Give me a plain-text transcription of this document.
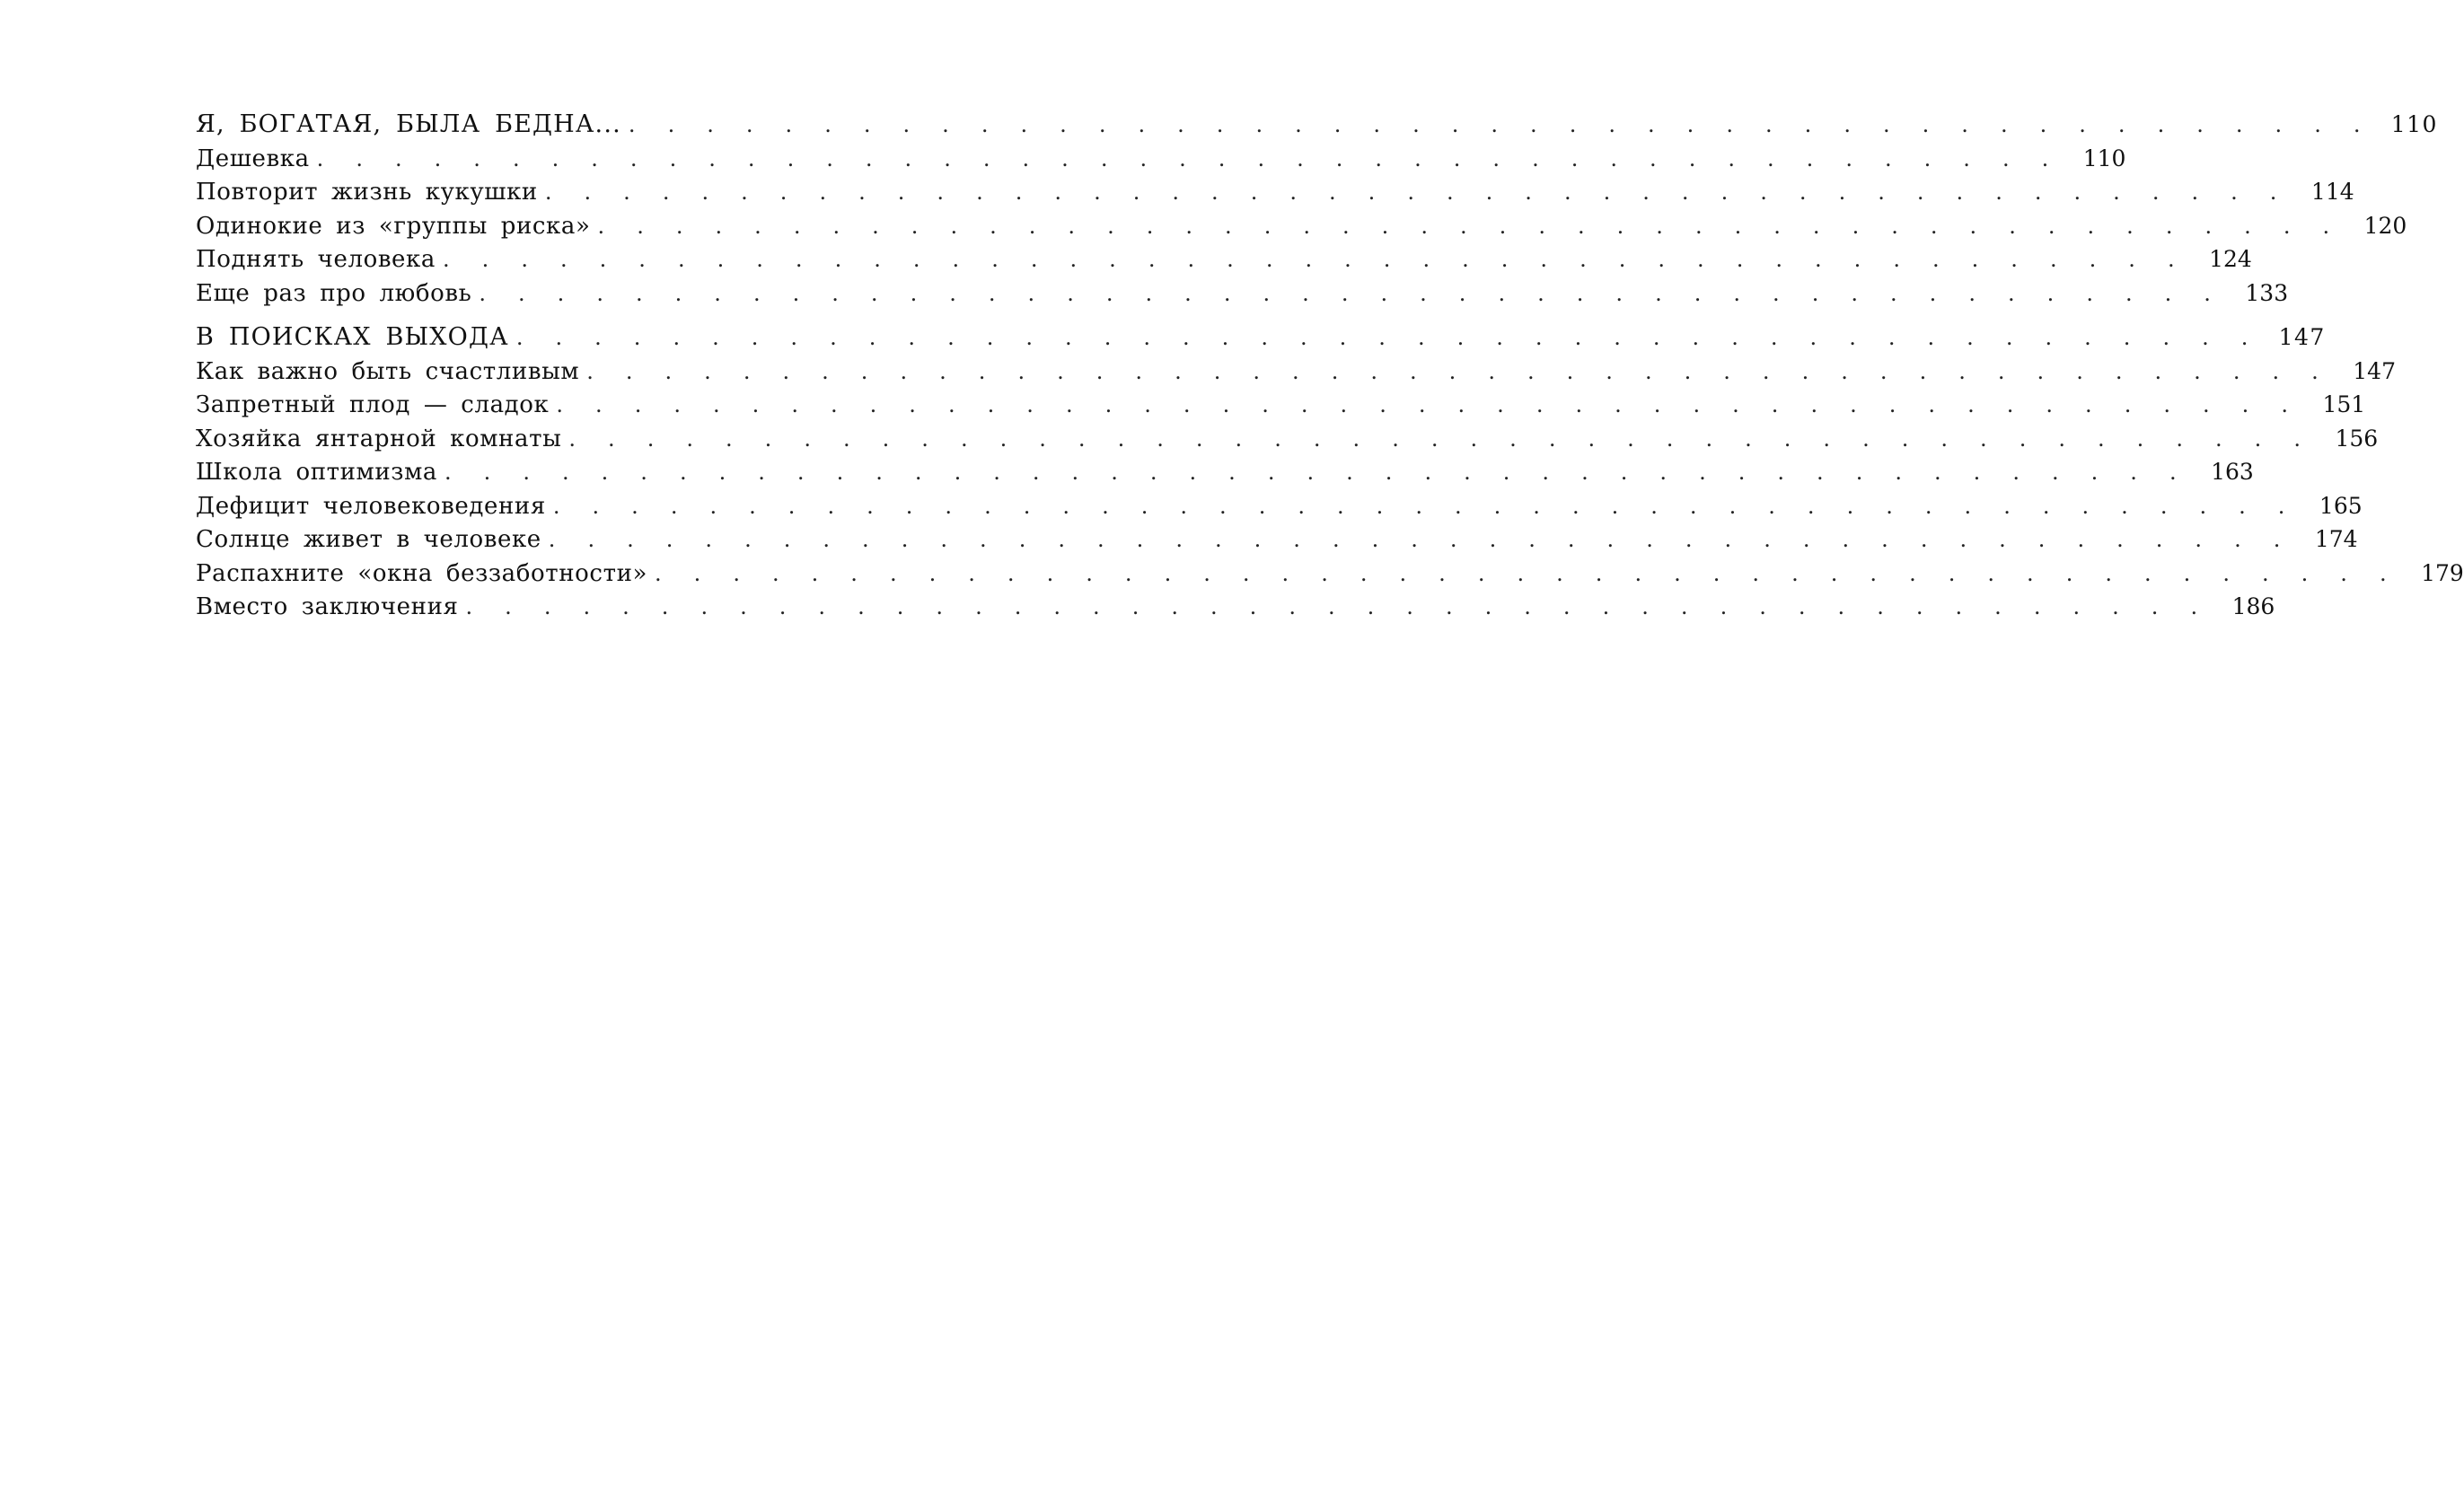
Я, БОГАТАЯ, БЫЛА БЕДНА... . . . . . . . . . . . . . . . . . . . . . . . . . . . . . . . . . . . . . . . . . . . . . 110
Дешевка . . . . . . . . . . . . . . . . . . . . . . . . . . . . . . . . . . . . . . . . . . . . . 110
Повторит жизнь кукушки . . . . . . . . . . . . . . . . . . . . . . . . . . . . . . . . . . . . . . . . . . . . . 114
Одинокие из «группы риска» . . . . . . . . . . . . . . . . . . . . . . . . . . . . . . . . . . . . . . . . . . . . . 120
Поднять человека . . . . . . . . . . . . . . . . . . . . . . . . . . . . . . . . . . . . . . . . . . . . . 124
Еще раз про любовь . . . . . . . . . . . . . . . . . . . . . . . . . . . . . . . . . . . . . . . . . . . . . 133
В ПОИСКАХ ВЫХОДА . . . . . . . . . . . . . . . . . . . . . . . . . . . . . . . . . . . . . . . . . . . . . 147
Как важно быть счастливым . . . . . . . . . . . . . . . . . . . . . . . . . . . . . . . . . . . . . . . . . . . . . 147
Запретный плод — сладок . . . . . . . . . . . . . . . . . . . . . . . . . . . . . . . . . . . . . . . . . . . . . 151
Хозяйка янтарной комнаты . . . . . . . . . . . . . . . . . . . . . . . . . . . . . . . . . . . . . . . . . . . . . 156
Школа оптимизма . . . . . . . . . . . . . . . . . . . . . . . . . . . . . . . . . . . . . . . . . . . . . 163
Дефицит человековедения . . . . . . . . . . . . . . . . . . . . . . . . . . . . . . . . . . . . . . . . . . . . . 165
Солнце живет в человеке . . . . . . . . . . . . . . . . . . . . . . . . . . . . . . . . . . . . . . . . . . . . . 174
Распахните «окна беззаботности» . . . . . . . . . . . . . . . . . . . . . . . . . . . . . . . . . . . . . . . . . . . . . 179
Вместо заключения . . . . . . . . . . . . . . . . . . . . . . . . . . . . . . . . . . . . . . . . . . . . . 186
